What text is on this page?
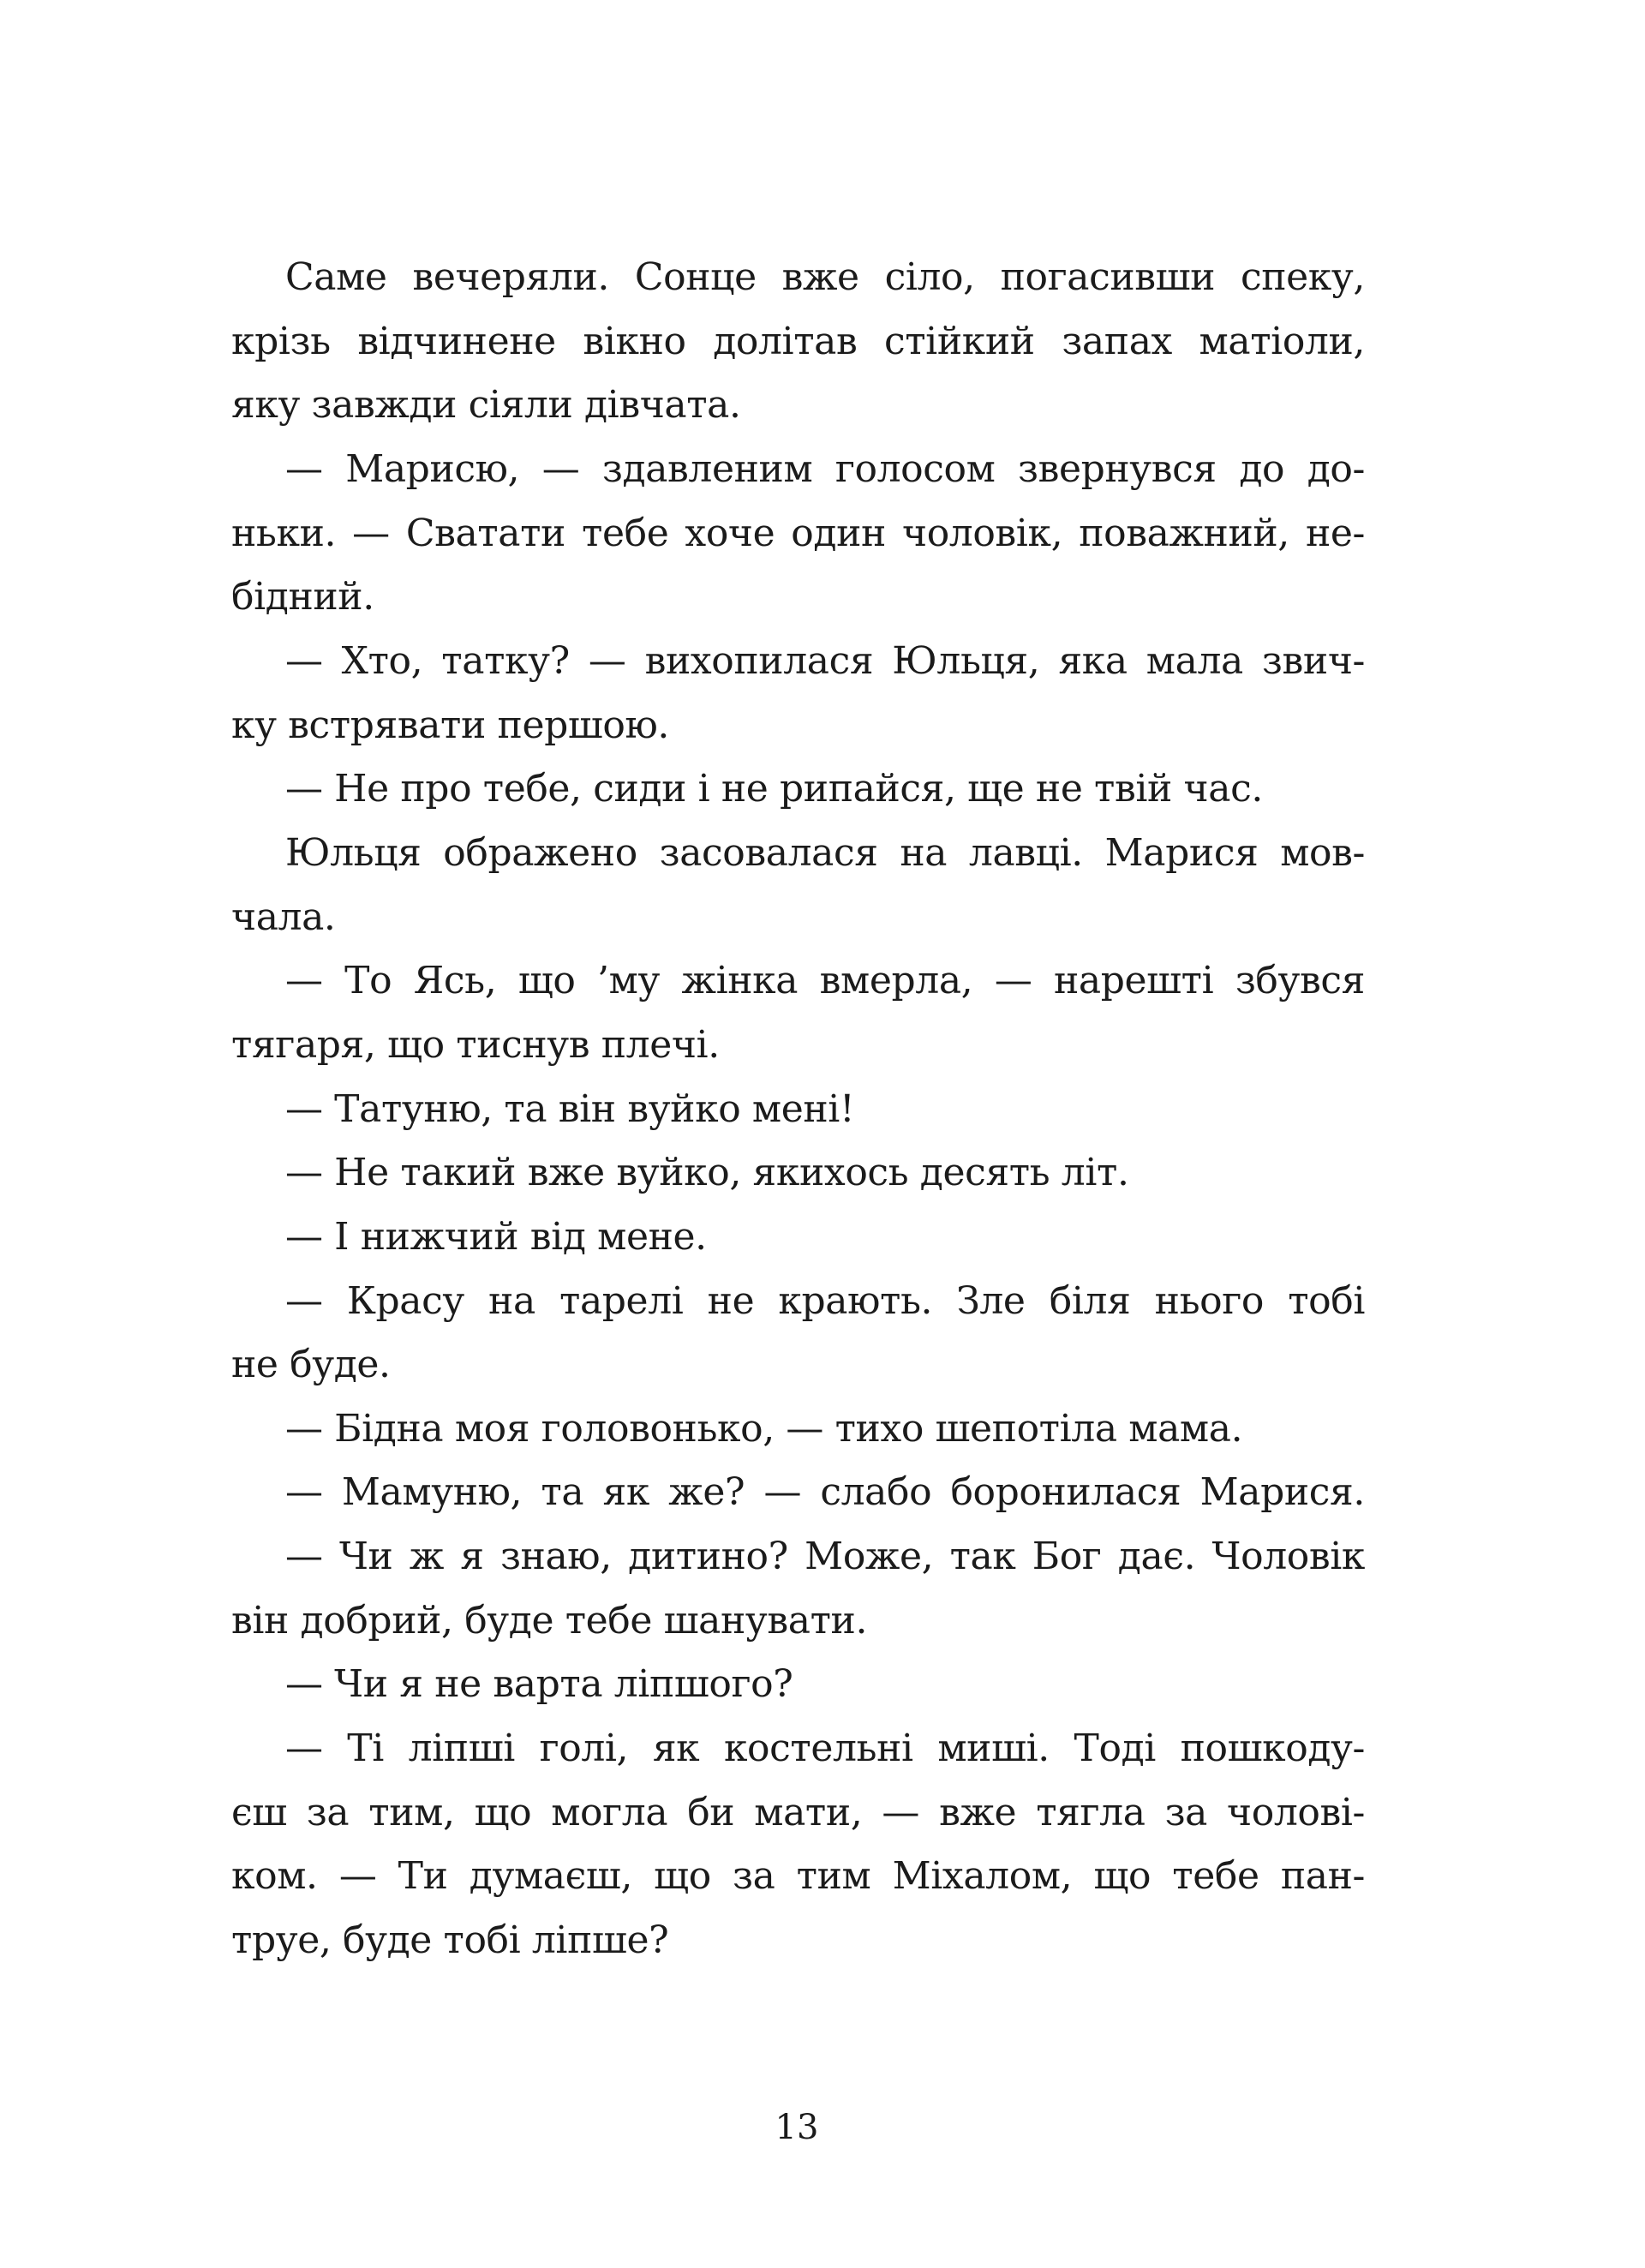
Саме вечеряли. Сонце вже сіло, погасивши спеку,
крізь відчинене вікно долітав стійкий запах матіоли,
яку завжди сіяли дівчата.
— Марисю, — здавленим голосом звернувся до до-
ньки. — Сватати тебе хоче один чоловік, поважний, не-
бідний.
— Хто, татку? — вихопилася Юльця, яка мала звич-
ку встрявати першою.
— Не про тебе, сиди і не рипайся, ще не твій час.
Юльця ображено засовалася на лавці. Марися мов-
чала.
— То Ясь, що ’му жінка вмерла, — нарешті збувся
тягаря, що тиснув плечі.
— Татуню, та він вуйко мені!
— Не такий вже вуйко, якихось десять літ.
— І нижчий від мене.
— Красу на тарелі не крають. Зле біля нього тобі
не буде.
— Бідна моя головонько, — тихо шепотіла мама.
— Мамуню, та як же? — слабо боронилася Марися.
— Чи ж я знаю, дитино? Може, так Бог дає. Чоловік
він добрий, буде тебе шанувати.
— Чи я не варта ліпшого?
— Ті ліпші голі, як костельні миші. Тоді пошкоду-
єш за тим, що могла би мати, — вже тягла за чолові-
ком. — Ти думаєш, що за тим Міхалом, що тебе пан-
труе, буде тобі ліпше?
13
